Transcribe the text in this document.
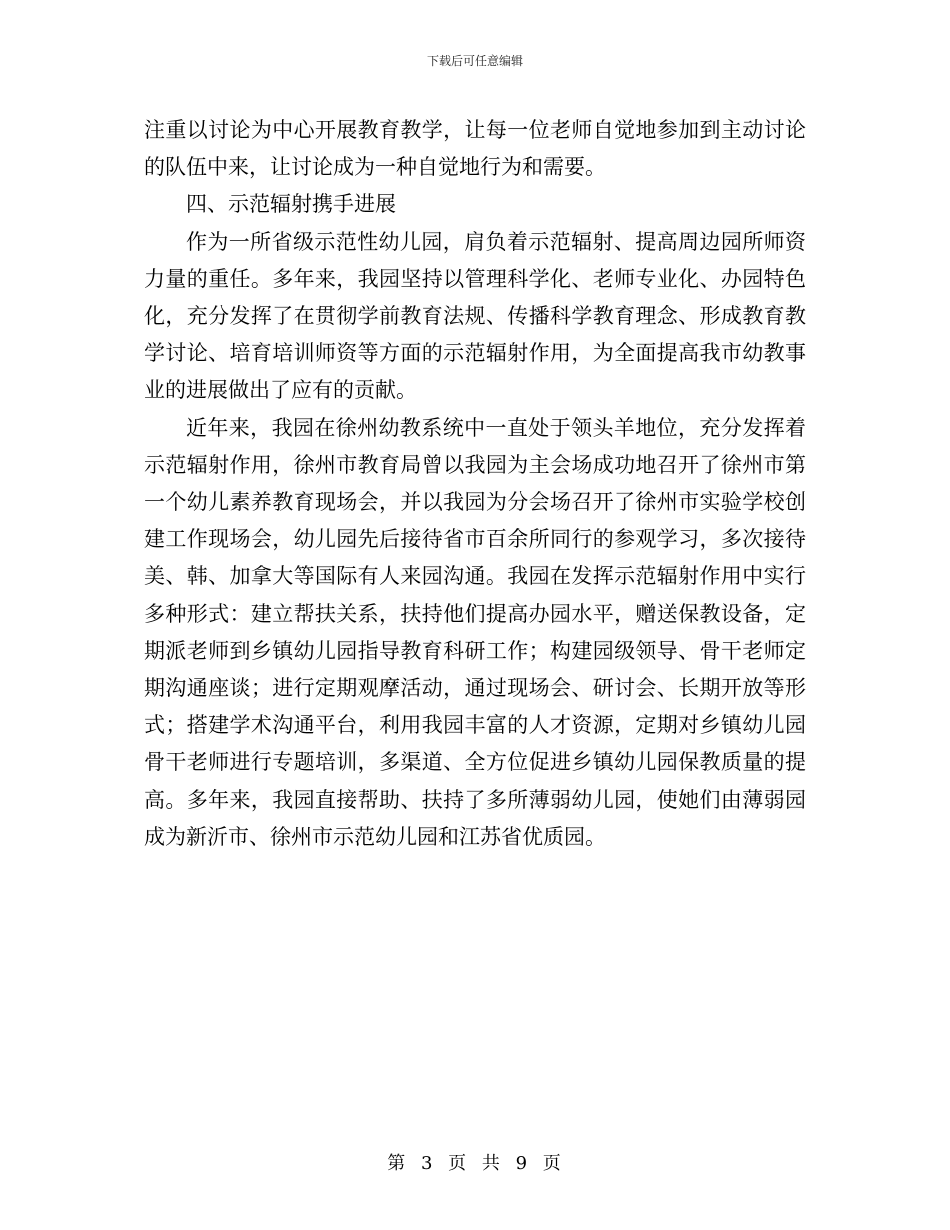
下载后可任意编辑

注重以讨论为中心开展教育教学，让每一位老师自觉地参加到主动讨论的队伍中来，让讨论成为一种自觉地行为和需要。

四、示范辐射携手进展

作为一所省级示范性幼儿园，肩负着示范辐射、提高周边园所师资力量的重任。多年来，我园坚持以管理科学化、老师专业化、办园特色化，充分发挥了在贯彻学前教育法规、传播科学教育理念、形成教育教学讨论、培育培训师资等方面的示范辐射作用，为全面提高我市幼教事业的进展做出了应有的贡献。

近年来，我园在徐州幼教系统中一直处于领头羊地位，充分发挥着示范辐射作用，徐州市教育局曾以我园为主会场成功地召开了徐州市第一个幼儿素养教育现场会，并以我园为分会场召开了徐州市实验学校创建工作现场会，幼儿园先后接待省市百余所同行的参观学习，多次接待美、韩、加拿大等国际有人来园沟通。我园在发挥示范辐射作用中实行多种形式：建立帮扶关系，扶持他们提高办园水平，赠送保教设备，定期派老师到乡镇幼儿园指导教育科研工作；构建园级领导、骨干老师定期沟通座谈；进行定期观摩活动，通过现场会、研讨会、长期开放等形式；搭建学术沟通平台，利用我园丰富的人才资源，定期对乡镇幼儿园骨干老师进行专题培训，多渠道、全方位促进乡镇幼儿园保教质量的提高。多年来，我园直接帮助、扶持了多所薄弱幼儿园，使她们由薄弱园成为新沂市、徐州市示范幼儿园和江苏省优质园。

第 3 页 共 9 页
